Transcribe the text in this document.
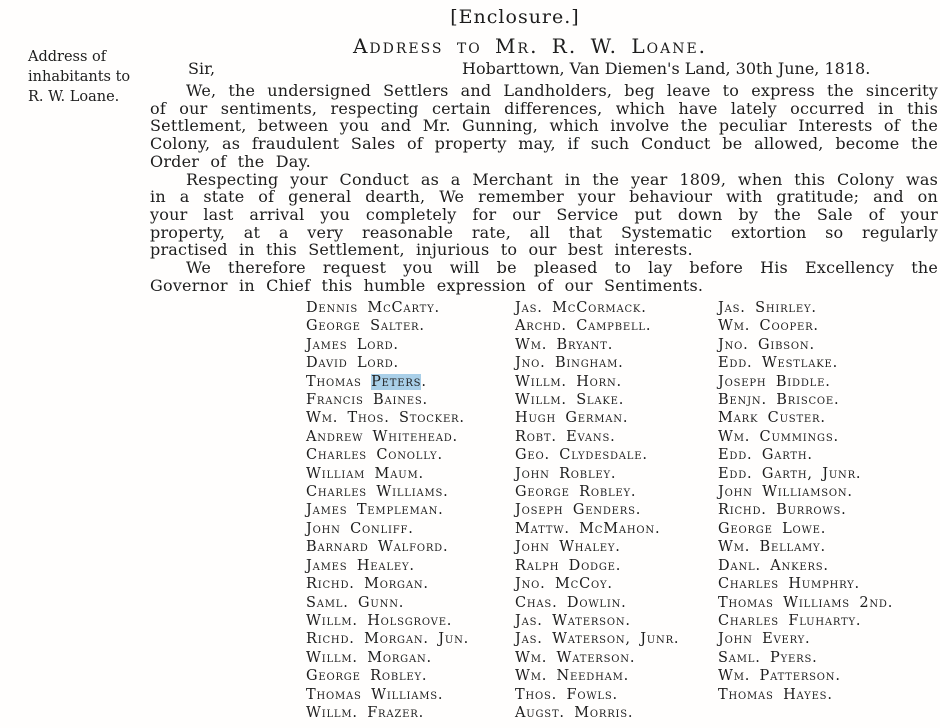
[Enclosure.]
Address to Mr. R. W. Loane.
Address of
inhabitants to
R. W. Loane.
Sir,	Hobarttown, Van Diemen's Land, 30th June, 1818.

We, the undersigned Settlers and Landholders, beg leave to express the sincerity of our sentiments, respecting certain differences, which have lately occurred in this Settlement, between you and Mr. Gunning, which involve the peculiar Interests of the Colony, as fraudulent Sales of property may, if such Conduct be allowed, become the Order of the Day.

Respecting your Conduct as a Merchant in the year 1809, when this Colony was in a state of general dearth, We remember your behaviour with gratitude; and on your last arrival you completely for our Service put down by the Sale of your property, at a very reasonable rate, all that Systematic extortion so regularly practised in this Settlement, injurious to our best interests.

We therefore request you will be pleased to lay before His Excellency the Governor in Chief this humble expression of our Sentiments.

Dennis McCarty.
George Salter.
James Lord.
David Lord.
Thomas Peters.
Francis Baines.
Wm. Thos. Stocker.
Andrew Whitehead.
Charles Conolly.
William Maum.
Charles Williams.
James Templeman.
John Conliff.
Barnard Walford.
James Healey.
Richd. Morgan.
Saml. Gunn.
Willm. Holsgrove.
Richd. Morgan. Jun.
Willm. Morgan.
George Robley.
Thomas Williams.
Willm. Frazer.
Jas. McCormack.
Archd. Campbell.
Wm. Bryant.
Jno. Bingham.
Willm. Horn.
Willm. Slake.
Hugh German.
Robt. Evans.
Geo. Clydesdale.
John Robley.
George Robley.
Joseph Genders.
Mattw. McMahon.
John Whaley.
Ralph Dodge.
Jno. McCoy.
Chas. Dowlin.
Jas. Waterson.
Jas. Waterson, Junr.
Wm. Waterson.
Wm. Needham.
Thos. Fowls.
Augst. Morris.
Jas. Shirley.
Wm. Cooper.
Jno. Gibson.
Edd. Westlake.
Joseph Biddle.
Benjn. Briscoe.
Mark Custer.
Wm. Cummings.
Edd. Garth.
Edd. Garth, Junr.
John Williamson.
Richd. Burrows.
George Lowe.
Wm. Bellamy.
Danl. Ankers.
Charles Humphry.
Thomas Williams 2nd.
Charles Fluharty.
John Every.
Saml. Pyers.
Wm. Patterson.
Thomas Hayes.
